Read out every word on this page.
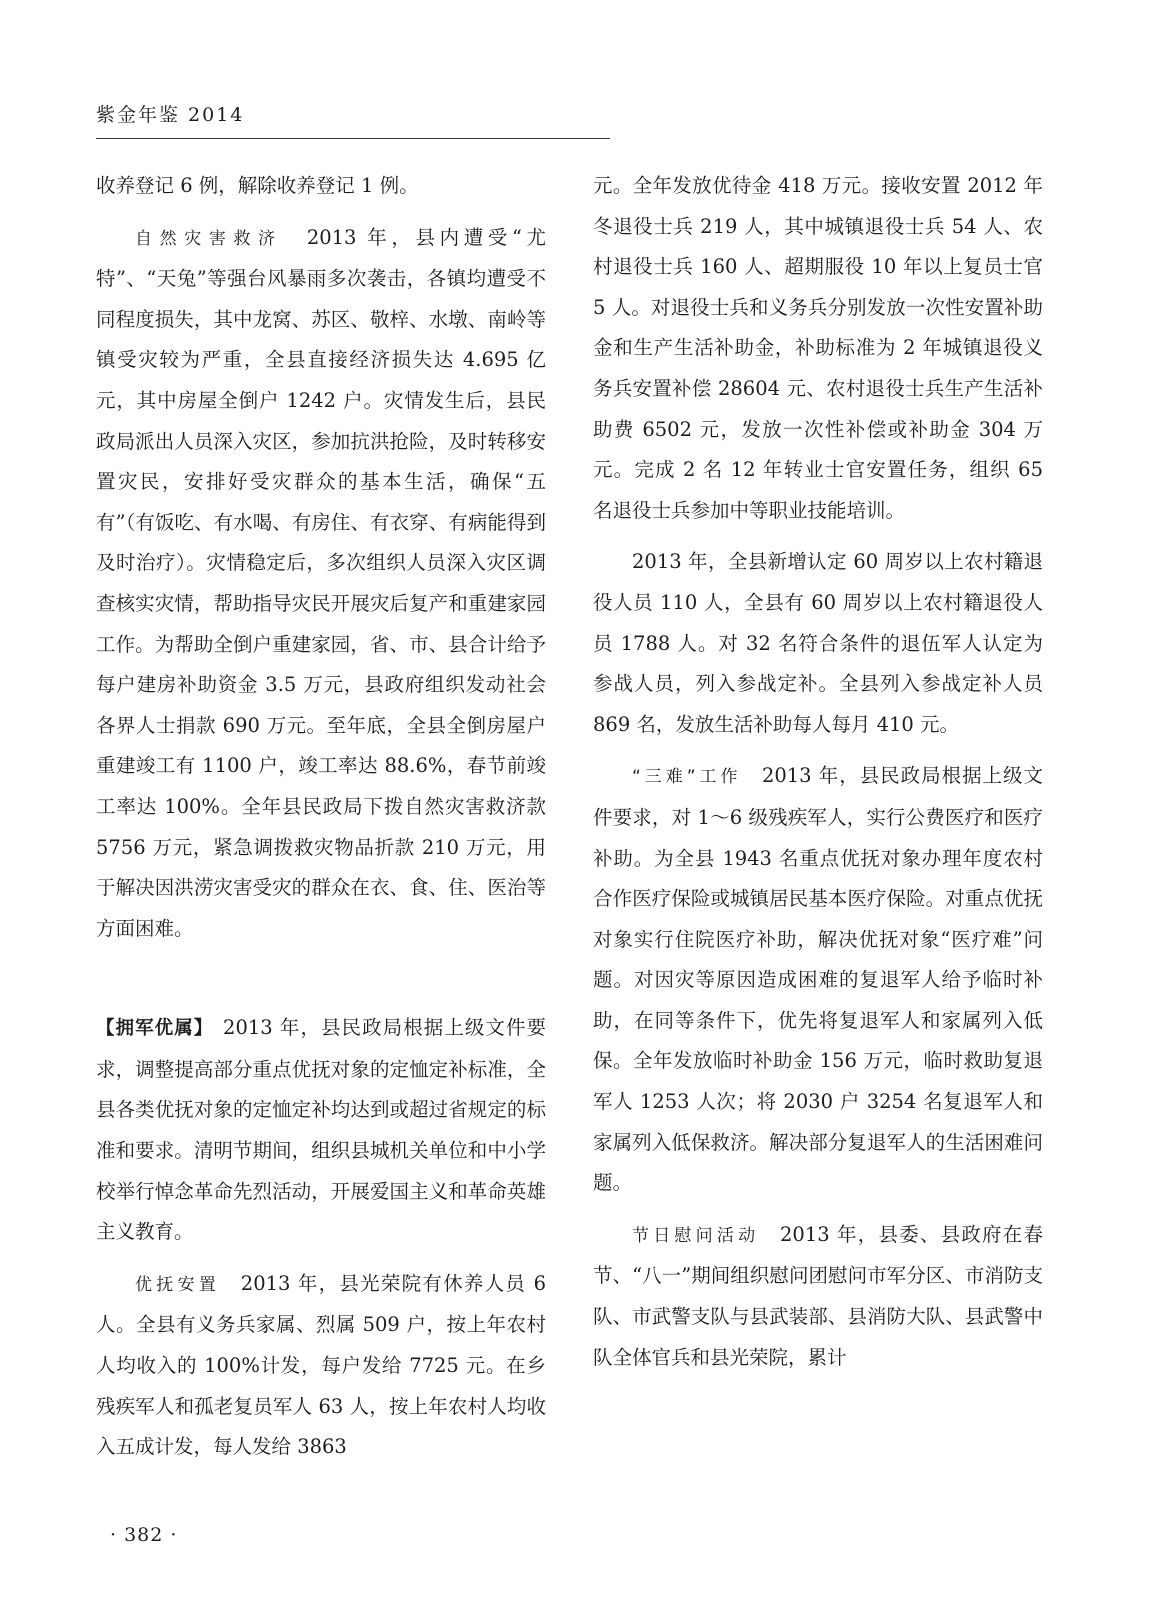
紫金年鉴 2014

收养登记 6 例，解除收养登记 1 例。

自然灾害救济　 2013 年，县内遭受“尤特”、“天兔”等强台风暴雨多次袭击，各镇均遭受不同程度损失，其中龙窝、苏区、敬梓、水墩、南岭等镇受灾较为严重，全县直接经济损失达 4.695 亿元，其中房屋全倒户 1242 户。灾情发生后，县民政局派出人员深入灾区，参加抗洪抢险，及时转移安置灾民，安排好受灾群众的基本生活，确保“五有”（有饭吃、有水喝、有房住、有衣穿、有病能得到及时治疗）。灾情稳定后，多次组织人员深入灾区调查核实灾情，帮助指导灾民开展灾后复产和重建家园工作。为帮助全倒户重建家园，省、市、县合计给予每户建房补助资金 3.5 万元，县政府组织发动社会各界人士捐款 690 万元。至年底，全县全倒房屋户重建竣工有 1100 户，竣工率达 88.6%，春节前竣工率达 100%。全年县民政局下拨自然灾害救济款 5756 万元，紧急调拨救灾物品折款 210 万元，用于解决因洪涝灾害受灾的群众在衣、食、住、医治等方面困难。

【拥军优属】  2013 年，县民政局根据上级文件要求，调整提高部分重点优抚对象的定恤定补标准，全县各类优抚对象的定恤定补均达到或超过省规定的标准和要求。清明节期间，组织县城机关单位和中小学校举行悼念革命先烈活动，开展爱国主义和革命英雄主义教育。

优抚安置　 2013 年，县光荣院有休养人员 6 人。全县有义务兵家属、烈属 509 户，按上年农村人均收入的 100%计发，每户发给 7725 元。在乡残疾军人和孤老复员军人 63 人，按上年农村人均收入五成计发，每人发给 3863

元。全年发放优待金 418 万元。接收安置 2012 年冬退役士兵 219 人，其中城镇退役士兵 54 人、农村退役士兵 160 人、超期服役 10 年以上复员士官 5 人。对退役士兵和义务兵分别发放一次性安置补助金和生产生活补助金，补助标准为 2 年城镇退役义务兵安置补偿 28604 元、农村退役士兵生产生活补助费 6502 元，发放一次性补偿或补助金 304 万元。完成 2 名 12 年转业士官安置任务，组织 65 名退役士兵参加中等职业技能培训。

2013 年，全县新增认定 60 周岁以上农村籍退役人员 110 人，全县有 60 周岁以上农村籍退役人员 1788 人。对 32 名符合条件的退伍军人认定为参战人员，列入参战定补。全县列入参战定补人员 869 名，发放生活补助每人每月 410 元。

“三难”工作　 2013 年，县民政局根据上级文件要求，对 1～6 级残疾军人，实行公费医疗和医疗补助。为全县 1943 名重点优抚对象办理年度农村合作医疗保险或城镇居民基本医疗保险。对重点优抚对象实行住院医疗补助，解决优抚对象“医疗难”问题。对因灾等原因造成困难的复退军人给予临时补助，在同等条件下，优先将复退军人和家属列入低保。全年发放临时补助金 156 万元，临时救助复退军人 1253 人次；将 2030 户 3254 名复退军人和家属列入低保救济。解决部分复退军人的生活困难问题。

节日慰问活动　 2013 年，县委、县政府在春节、“八一”期间组织慰问团慰问市军分区、市消防支队、市武警支队与县武装部、县消防大队、县武警中队全体官兵和县光荣院，累计

· 382 ·
